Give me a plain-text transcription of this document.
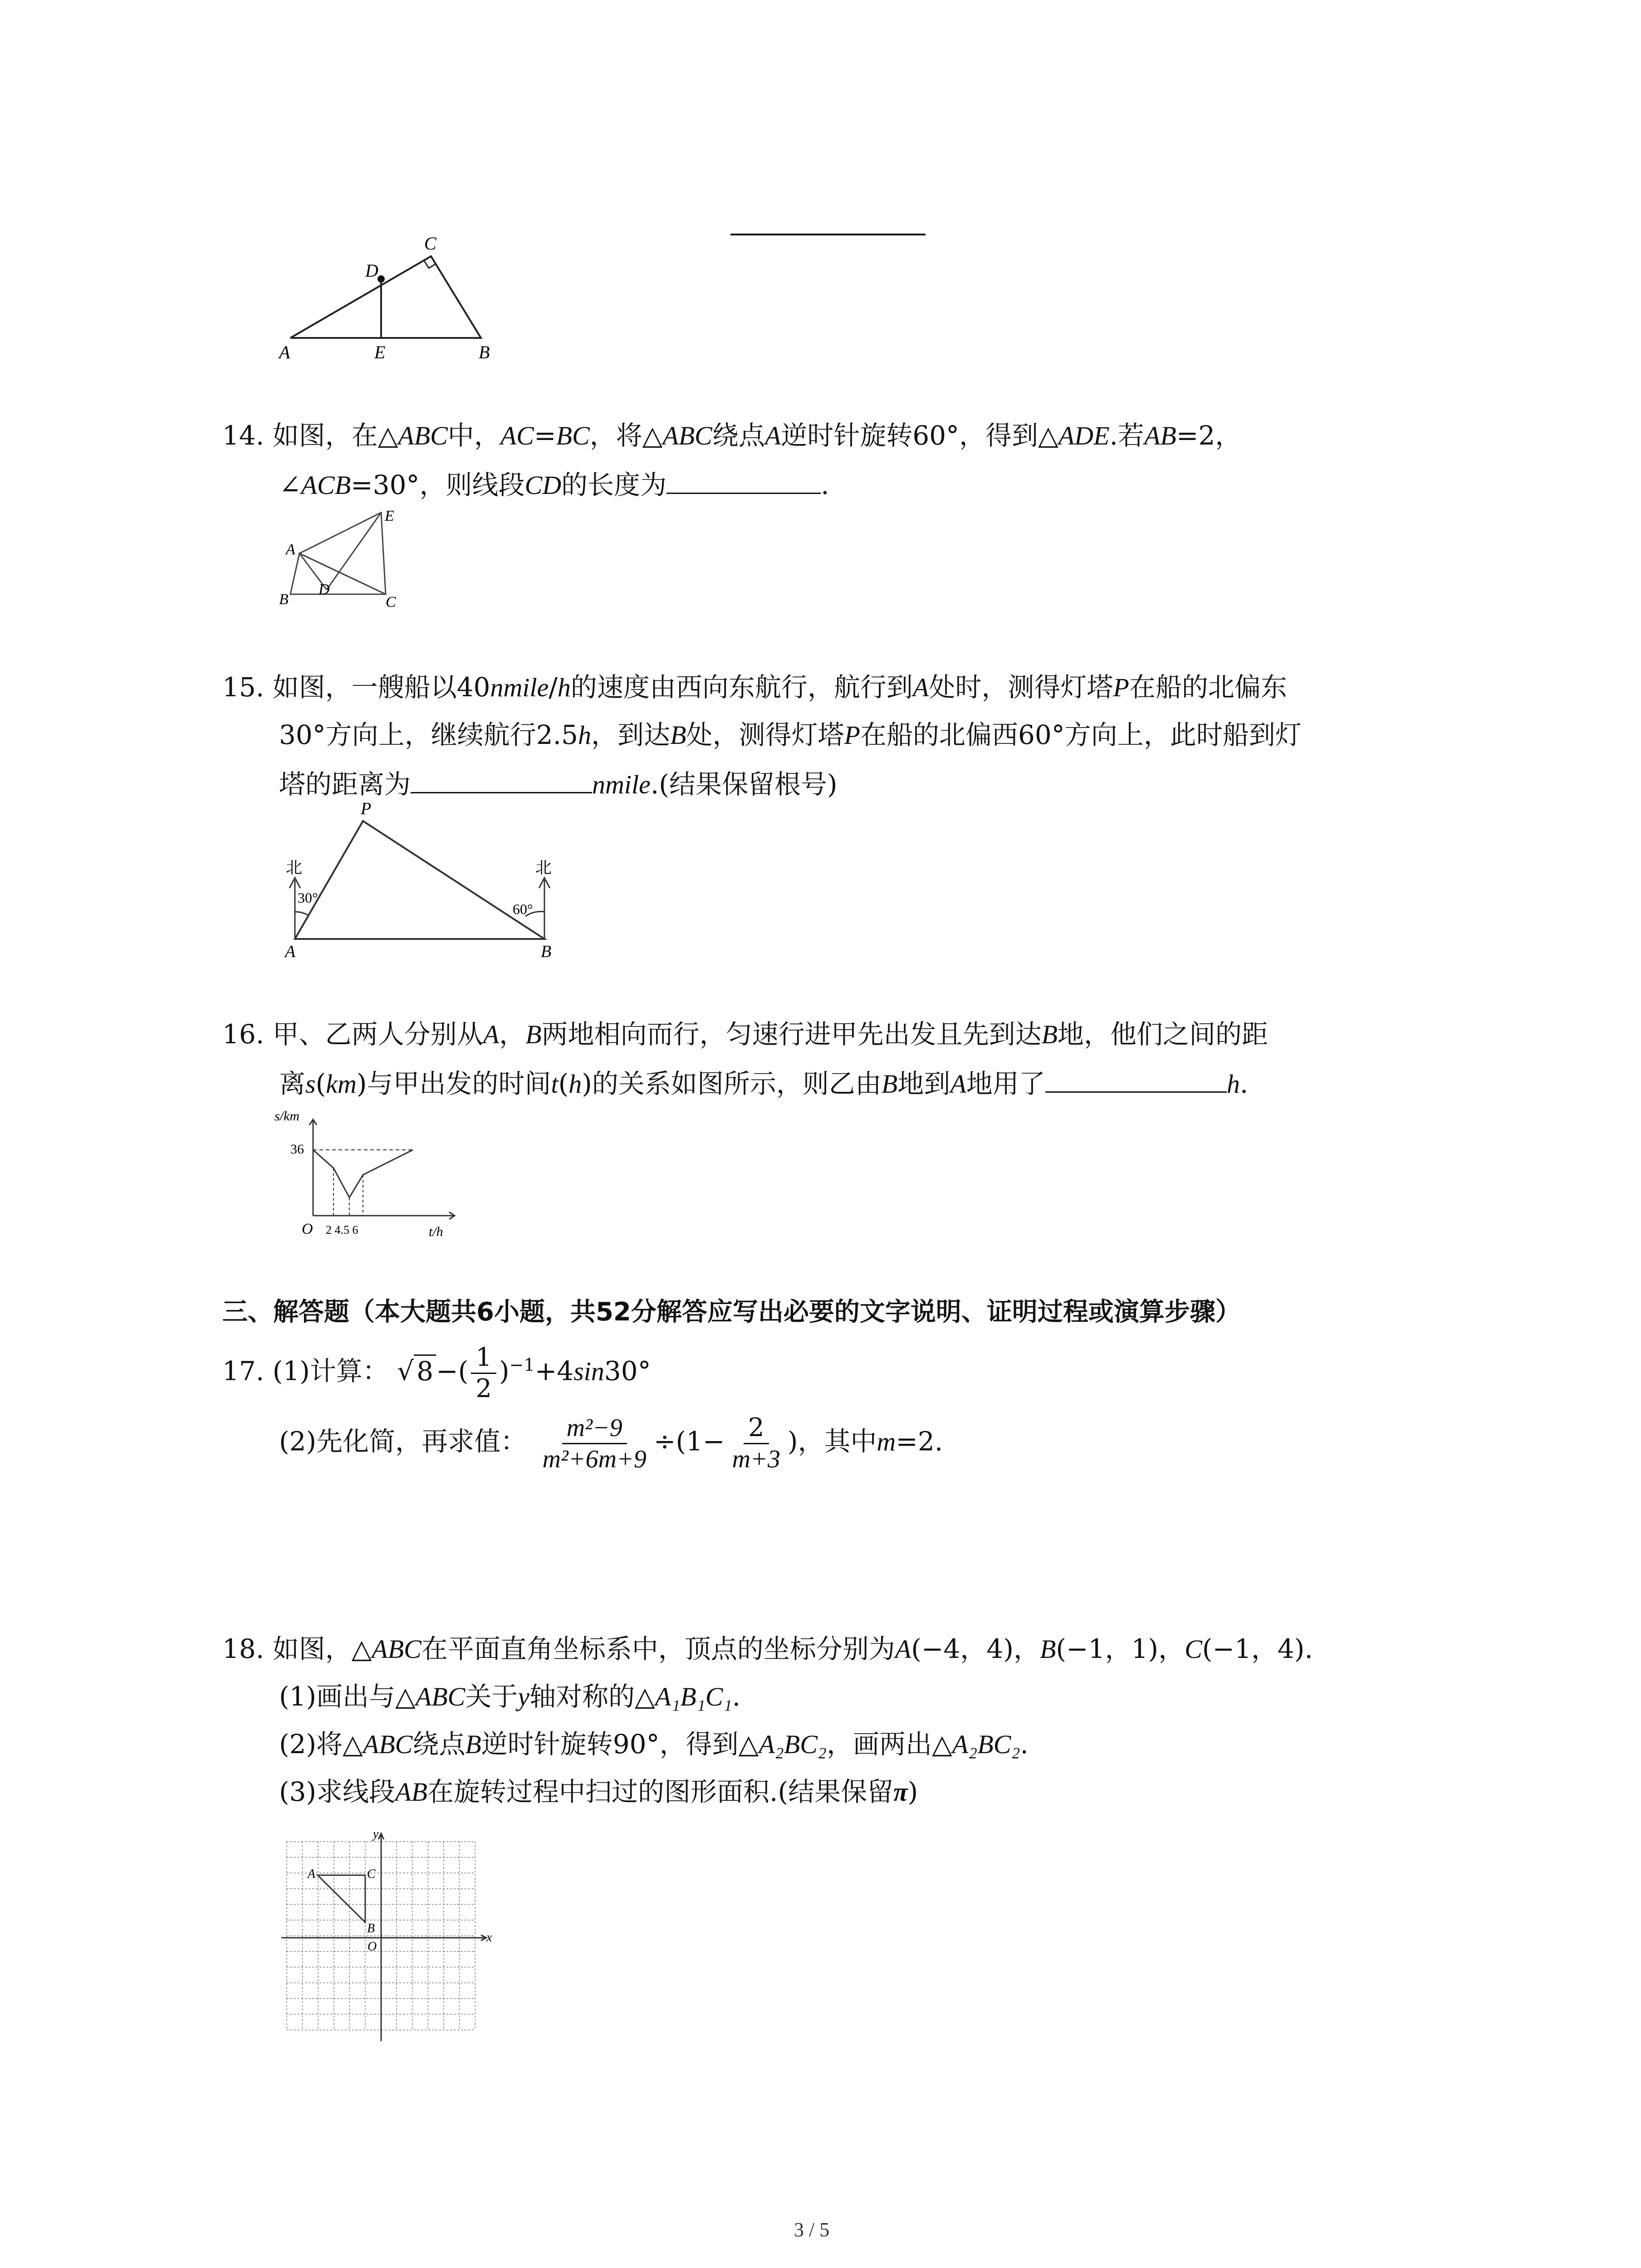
C
D
A	E	B
14. 如图，在△ABC中，AC=BC，将△ABC绕点A逆时针旋转60°，得到△ADE.若AB=2，
∠ACB=30°，则线段CD的长度为	.
E
A
D
B	C
15. 如图，一艘船以40nmile/h的速度由西向东航行，航行到A处时，测得灯塔P在船的北偏东
30°方向上，继续航行2.5h，到达B处，测得灯塔P在船的北偏西60°方向上，此时船到灯
塔的距离为	nmile.(结果保留根号)
P
北	北
30°
60°
A	B
16. 甲、乙两人分别从A，B两地相向而行，匀速行进甲先出发且先到达B地，他们之间的距
离s(km)与甲出发的时间t(h)的关系如图所示，则乙由B地到A地用了	h.
s/km
36
O 2 4.5 6	t/h
三、解答题（本大题共6小题，共52分解答应写出必要的文字说明、证明过程或演算步骤）
17. (1)计算： √ 8 −( $\frac{1}{2} )^{-1}+4\sin 30^\circ$
(2)先化简，再求值： $\frac{\text{m²−9}}{\text{m²+6m+9}} \div(1- \frac{2}{m+3}$ )，其中m=2.
18. 如图，△ABC在平面直角坐标系中，顶点的坐标分别为A(−4，4)，B(−1，1)，C(−1，4).
(1)画出与△ABC关于y轴对称的△A₁B₁C₁.
(2)将△ABC绕点B逆时针旋转90°，得到△A₂BC₂，画两出△A₂BC₂.
(3)求线段AB在旋转过程中扫过的图形面积.(结果保留π)
y
x
A	C
B
O
3 / 5
